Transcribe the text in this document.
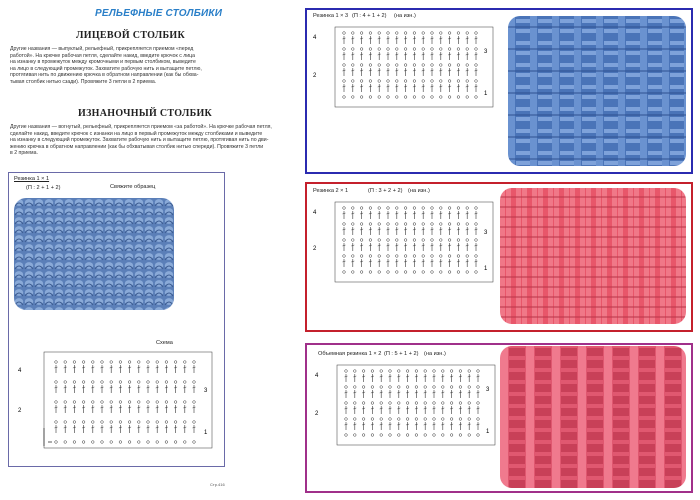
РЕЛЬЕФНЫЕ СТОЛБИКИ
ЛИЦЕВОЙ СТОЛБИК
Другие названия — выпуклый, рельефный, прикрепляется приемом «перед
работой». На крючке рабочая петля, сделайте накид, введите крючок с лица
на изнанку в промежуток между кромочными и первым столбиком, выведите
на лицо в следующий промежуток. Захватите рабочую нить и вытащите петлю,
протягивая нить по движению крючка в обратном направлении (как бы обхва-
тывая столбик нитью сзади). Провяжите 3 петли в 2 приема.
ИЗНАНОЧНЫЙ СТОЛБИК
Другие названия — вогнутый, рельефный, прикрепляется приемом «за работой». На крючке рабочая петля,
сделайте накид, введите крючок с изнанки на лицо в первый промежуток между столбиками и выведите
на изнанку в следующий промежуток. Захватите рабочую нить и вытащите петлю, протягивая нить по дви-
жению крючка в обратном направлении (как бы обхватывая столбик нитью спереди). Провяжите 3 петли
в 2 приема.
Резинка 1 × 1
(П : 2 + 1 + 2)	Свяжите образец
Схема
4
2
3
1
Стр.416
Резинка 1 × 3 (П : 4 + 1 + 2) (на изн.)
4
2
3
1
Резинка 2 × 1	(П : 3 + 2 + 2) (на изн.)
4
2
3
1
Объемная резинка 1 × 2 (П : 5 + 1 + 2) (на изн.)
4
2
3
1
